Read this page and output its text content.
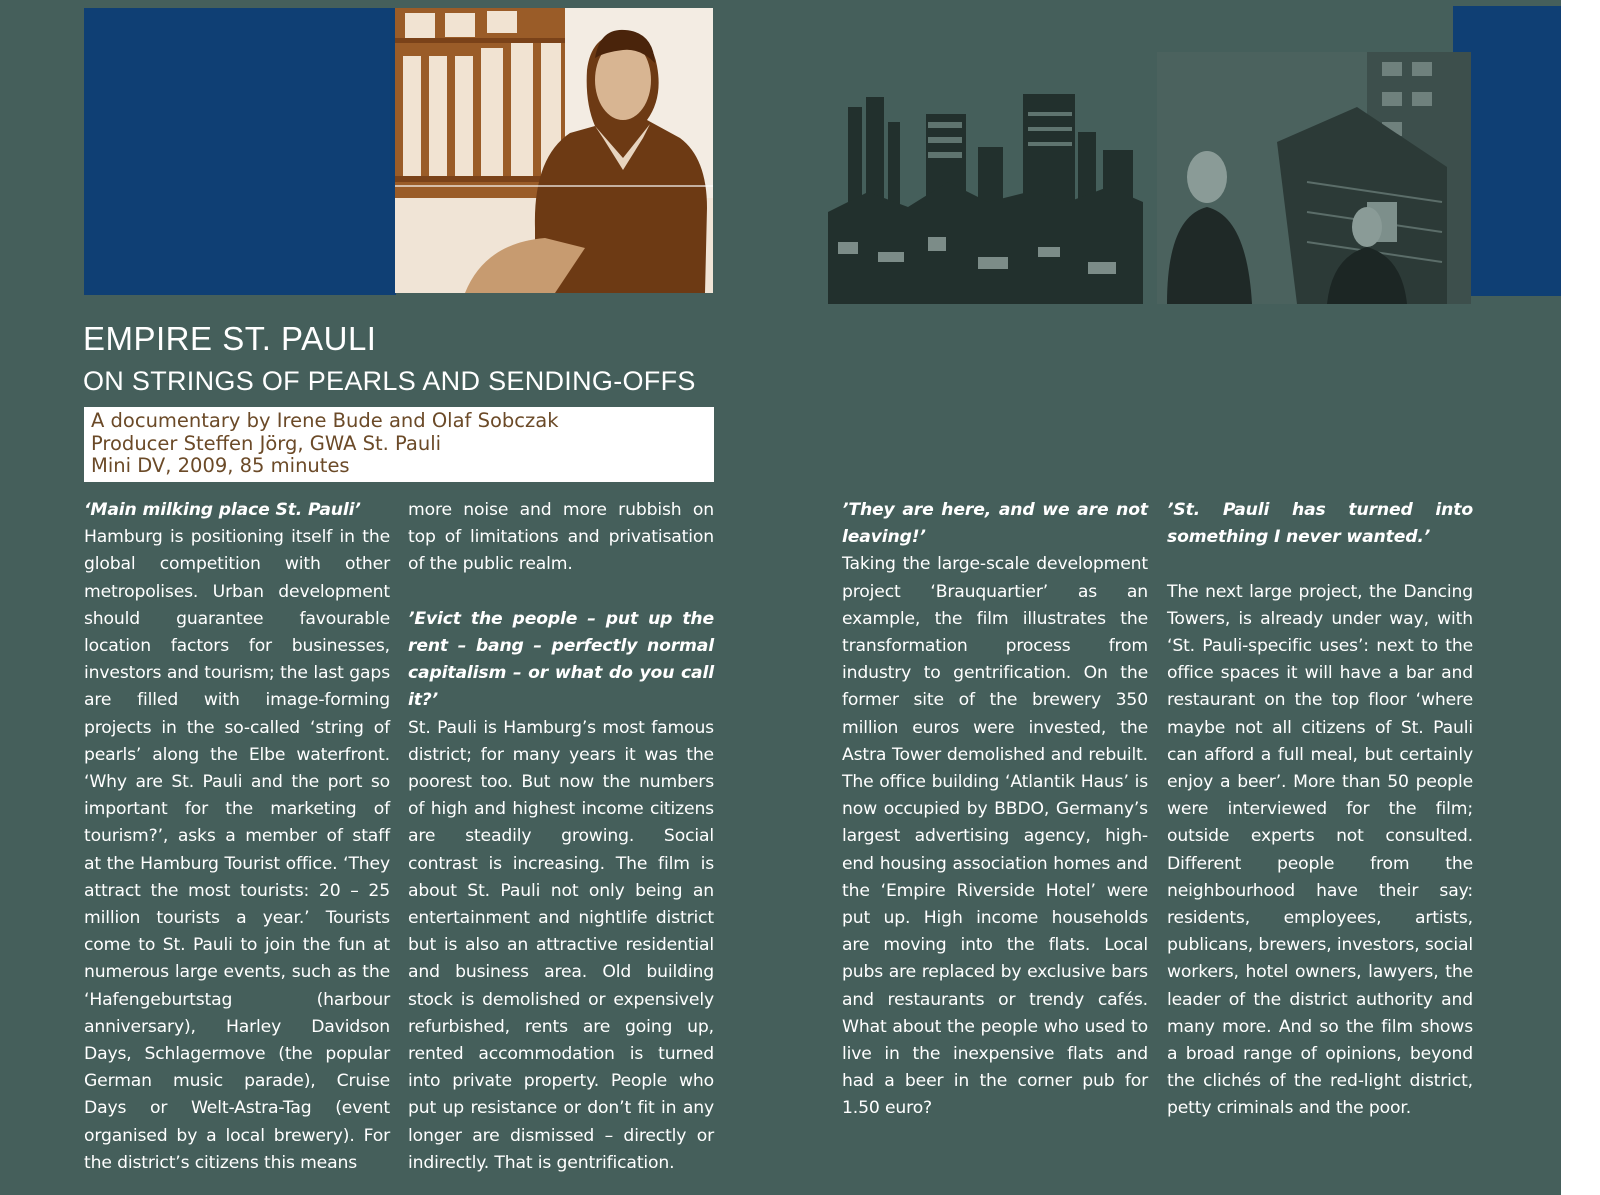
EMPIRE ST. PAULI
ON STRINGS OF PEARLS AND SENDING-OFFS
A documentary by Irene Bude and Olaf Sobczak
Producer Steffen Jörg, GWA St. Pauli
Mini DV, 2009, 85 minutes

‘Main milking place St. Pauli’

Hamburg is positioning itself in the global competition with other metropolises. Urban development should guarantee favourable location factors for businesses, investors and tourism; the last gaps are filled with image-forming projects in the so-called ‘string of pearls’ along the Elbe waterfront. ‘Why are St. Pauli and the port so important for the marketing of tourism?’, asks a member of staff at the Hamburg Tourist office. ‘They attract the most tourists: 20 – 25 million tourists a year.’ Tourists come to St. Pauli to join the fun at numerous large events, such as the ‘Hafengeburtstag (harbour anniversary), Harley Davidson Days, Schlagermove (the popular German music parade), Cruise Days or Welt-Astra-Tag (event organised by a local brewery). For the district’s citizens this means

more noise and more rubbish on top of limitations and privatisation of the public realm.

’Evict the people – put up the rent – bang – perfectly normal capitalism – or what do you call it?’

St. Pauli is Hamburg’s most famous district; for many years it was the poorest too. But now the numbers of high and highest income citizens are steadily growing. Social contrast is increasing. The film is about St. Pauli not only being an entertainment and nightlife district but is also an attractive residential and business area. Old building stock is demolished or expensively refurbished, rents are going up, rented accommodation is turned into private property. People who put up resistance or don’t fit in any longer are dismissed – directly or indirectly. That is gentrification.

’They are here, and we are not leaving!’

Taking the large-scale development project ‘Brauquartier’ as an example, the film illustrates the transformation process from industry to gentrification. On the former site of the brewery 350 million euros were invested, the Astra Tower demolished and rebuilt. The office building ‘Atlantik Haus’ is now occupied by BBDO, Germany’s largest advertising agency, high-end housing association homes and the ‘Empire Riverside Hotel’ were put up. High income households are moving into the flats. Local pubs are replaced by exclusive bars and restaurants or trendy cafés. What about the people who used to live in the inexpensive flats and had a beer in the corner pub for 1.50 euro?

’St. Pauli has turned into something I never wanted.’

The next large project, the Dancing Towers, is already under way, with ‘St. Pauli-specific uses’: next to the office spaces it will have a bar and restaurant on the top floor ‘where maybe not all citizens of St. Pauli can afford a full meal, but certainly enjoy a beer’. More than 50 people were interviewed for the film; outside experts not consulted. Different people from the neighbourhood have their say: residents, employees, artists, publicans, brewers, investors, social workers, hotel owners, lawyers, the leader of the district authority and many more. And so the film shows a broad range of opinions, beyond the clichés of the red-light district, petty criminals and the poor.
